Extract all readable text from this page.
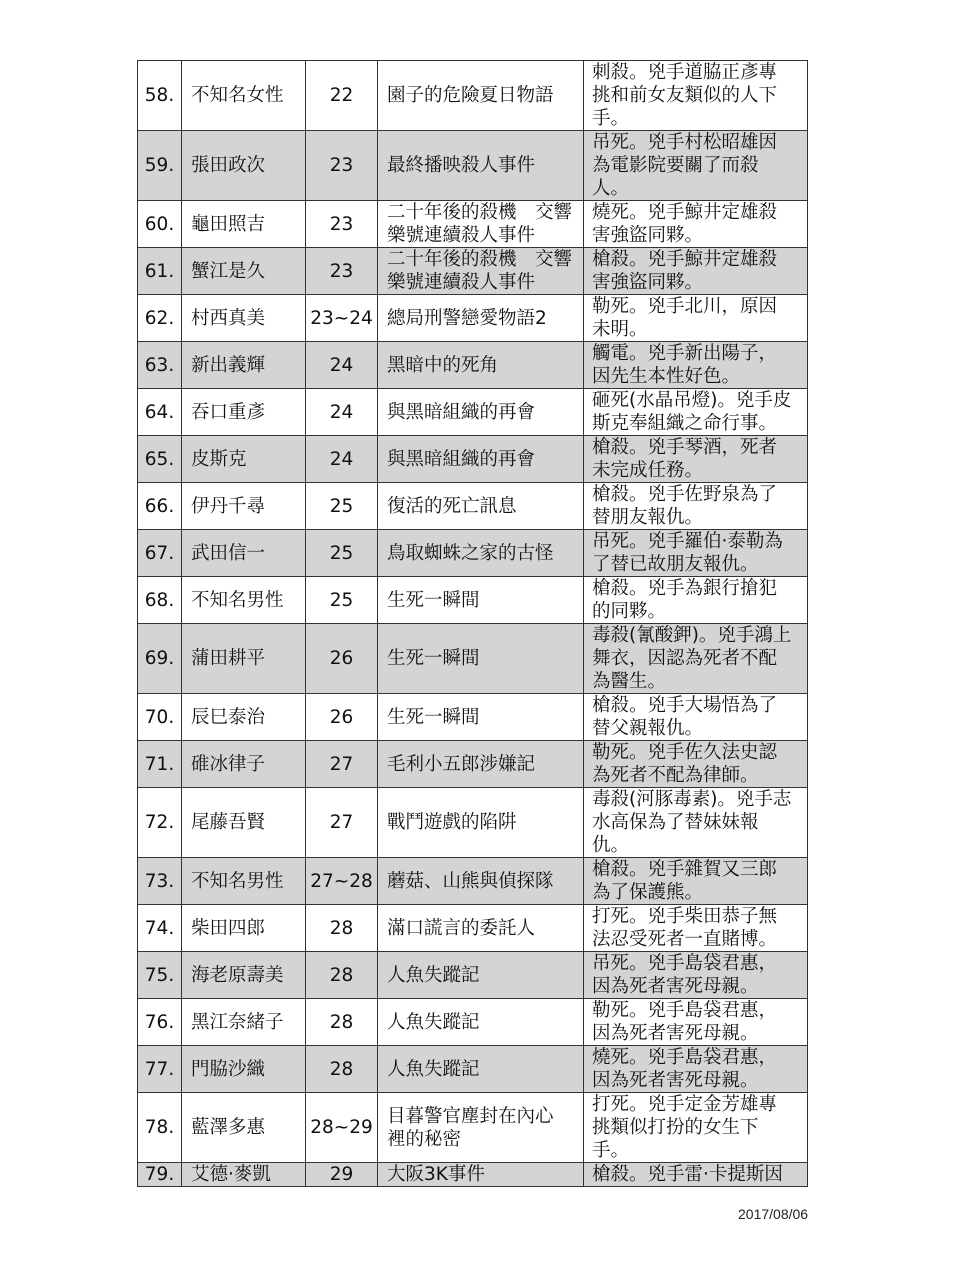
58.	不知名女性	22	園子的危險夏日物語	刺殺。兇手道脇正彥專
挑和前女友類似的人下
手。

59.	張田政次	23	最終播映殺人事件	吊死。兇手村松昭雄因
為電影院要關了而殺
人。

60.	龜田照吉	23	二十年後的殺機　交響
樂號連續殺人事件	燒死。兇手鯨井定雄殺
害強盜同夥。

61.	蟹江是久	23	二十年後的殺機　交響
樂號連續殺人事件	槍殺。兇手鯨井定雄殺
害強盜同夥。

62.	村西真美	23~24	總局刑警戀愛物語2	勒死。兇手北川，原因
未明。

63.	新出義輝	24	黑暗中的死角	觸電。兇手新出陽子，
因先生本性好色。

64.	吞口重彥	24	與黑暗組織的再會	砸死(水晶吊燈)。兇手皮
斯克奉組織之命行事。

65.	皮斯克	24	與黑暗組織的再會	槍殺。兇手琴酒，死者
未完成任務。

66.	伊丹千尋	25	復活的死亡訊息	槍殺。兇手佐野泉為了
替朋友報仇。

67.	武田信一	25	鳥取蜘蛛之家的古怪	吊死。兇手羅伯·泰勒為
了替已故朋友報仇。

68.	不知名男性	25	生死一瞬間	槍殺。兇手為銀行搶犯
的同夥。

69.	蒲田耕平	26	生死一瞬間	毒殺(氰酸鉀)。兇手鴻上
舞衣，因認為死者不配
為醫生。

70.	辰巳泰治	26	生死一瞬間	槍殺。兇手大場悟為了
替父親報仇。

71.	碓冰律子	27	毛利小五郎涉嫌記	勒死。兇手佐久法史認
為死者不配為律師。

72.	尾藤吾賢	27	戰鬥遊戲的陷阱	毒殺(河豚毒素)。兇手志
水高保為了替妹妹報
仇。

73.	不知名男性	27~28	蘑菇、山熊與偵探隊	槍殺。兇手雜賀又三郎
為了保護熊。

74.	柴田四郎	28	滿口謊言的委託人	打死。兇手柴田恭子無
法忍受死者一直賭博。

75.	海老原壽美	28	人魚失蹤記	吊死。兇手島袋君惠，
因為死者害死母親。

76.	黑江奈緒子	28	人魚失蹤記	勒死。兇手島袋君惠，
因為死者害死母親。

77.	門脇沙織	28	人魚失蹤記	燒死。兇手島袋君惠，
因為死者害死母親。

78.	藍澤多惠	28~29	目暮警官塵封在內心
裡的秘密	打死。兇手定金芳雄專
挑類似打扮的女生下
手。

79.	艾德·麥凱	29	大阪3K事件	槍殺。兇手雷·卡提斯因
2017/08/06
